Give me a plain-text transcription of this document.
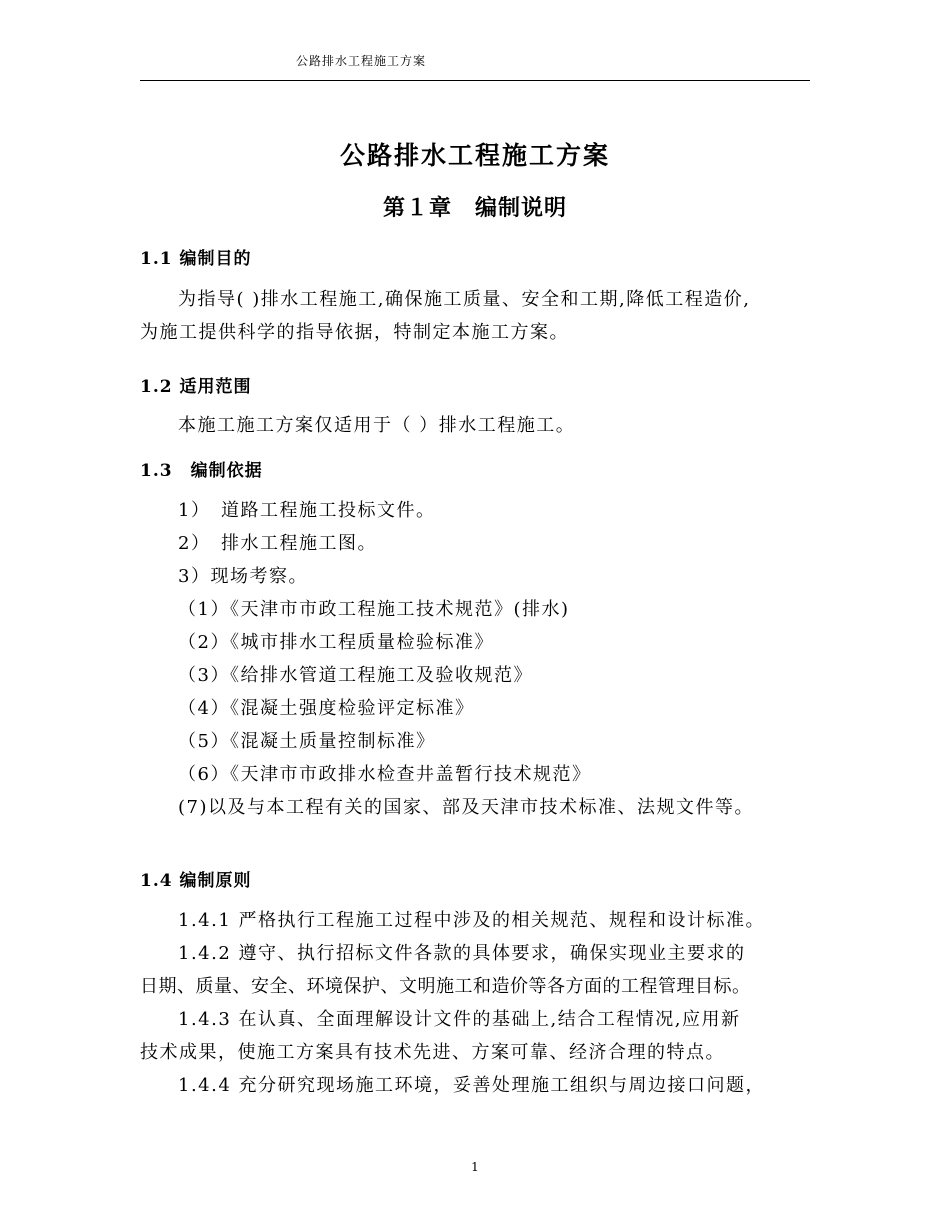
公路排水工程施工方案
公路排水工程施工方案
第１章　编制说明
1.1 编制目的
为指导( )排水工程施工,确保施工质量、安全和工期,降低工程造价,
为施工提供科学的指导依据，特制定本施工方案。
1.2 适用范围
本施工施工方案仅适用于（ ）排水工程施工。
1.3　编制依据
1）　道路工程施工投标文件。
2）　排水工程施工图。
3）现场考察。
（1）《天津市市政工程施工技术规范》(排水)
（2）《城市排水工程质量检验标准》
（3）《给排水管道工程施工及验收规范》
（4）《混凝土强度检验评定标准》
（5）《混凝土质量控制标准》
（6）《天津市市政排水检查井盖暂行技术规范》
(7)以及与本工程有关的国家、部及天津市技术标准、法规文件等。
1.4 编制原则
1.4.1 严格执行工程施工过程中涉及的相关规范、规程和设计标准。
1.4.2 遵守、执行招标文件各款的具体要求，确保实现业主要求的
日期、质量、安全、环境保护、文明施工和造价等各方面的工程管理目标。
1.4.3 在认真、全面理解设计文件的基础上,结合工程情况,应用新
技术成果，使施工方案具有技术先进、方案可靠、经济合理的特点。
1.4.4 充分研究现场施工环境，妥善处理施工组织与周边接口问题，
1
